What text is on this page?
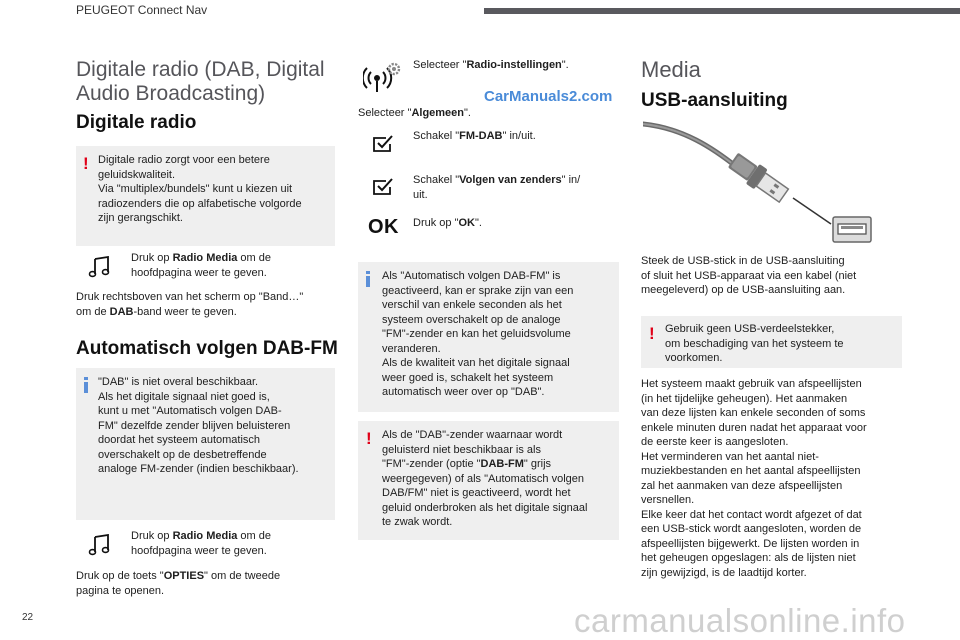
PEUGEOT Connect Nav
Digitale radio (DAB, Digital
Audio Broadcasting)
Digitale radio
! Digitale radio zorgt voor een betere
geluidskwaliteit.
Via "multiplex/bundels" kunt u kiezen uit
radiozenders die op alfabetische volgorde
zijn gerangschikt.
Druk op Radio Media om de
hoofdpagina weer te geven.
Druk rechtsboven van het scherm op "Band…"
om de DAB-band weer te geven.
Automatisch volgen DAB-FM
"DAB" is niet overal beschikbaar.
Als het digitale signaal niet goed is,
kunt u met "Automatisch volgen DAB-
FM" dezelfde zender blijven beluisteren
doordat het systeem automatisch
overschakelt op de desbetreffende
analoge FM-zender (indien beschikbaar).
Druk op Radio Media om de
hoofdpagina weer te geven.
Druk op de toets "OPTIES" om de tweede
pagina te openen.
Selecteer "Radio-instellingen".
CarManuals2.com
Selecteer "Algemeen".
Schakel "FM-DAB" in/uit.
Schakel "Volgen van zenders" in/
uit.
OK Druk op "OK".
Als "Automatisch volgen DAB-FM" is
geactiveerd, kan er sprake zijn van een
verschil van enkele seconden als het
systeem overschakelt op de analoge
"FM"-zender en kan het geluidsvolume
veranderen.
Als de kwaliteit van het digitale signaal
weer goed is, schakelt het systeem
automatisch weer over op "DAB".
! Als de "DAB"-zender waarnaar wordt
geluisterd niet beschikbaar is als
"FM"-zender (optie "DAB-FM" grijs
weergegeven) of als "Automatisch volgen
DAB/FM" niet is geactiveerd, wordt het
geluid onderbroken als het digitale signaal
te zwak wordt.
Media
USB-aansluiting
Steek de USB-stick in de USB-aansluiting
of sluit het USB-apparaat via een kabel (niet
meegeleverd) op de USB-aansluiting aan.
! Gebruik geen USB-verdeelstekker,
om beschadiging van het systeem te
voorkomen.
Het systeem maakt gebruik van afspeellijsten
(in het tijdelijke geheugen). Het aanmaken
van deze lijsten kan enkele seconden of soms
enkele minuten duren nadat het apparaat voor
de eerste keer is aangesloten.
Het verminderen van het aantal niet-
muziekbestanden en het aantal afspeellijsten
zal het aanmaken van deze afspeellijsten
versnellen.
Elke keer dat het contact wordt afgezet of dat
een USB-stick wordt aangesloten, worden de
afspeellijsten bijgewerkt. De lijsten worden in
het geheugen opgeslagen: als de lijsten niet
zijn gewijzigd, is de laadtijd korter.
22	carmanualsonline.info
